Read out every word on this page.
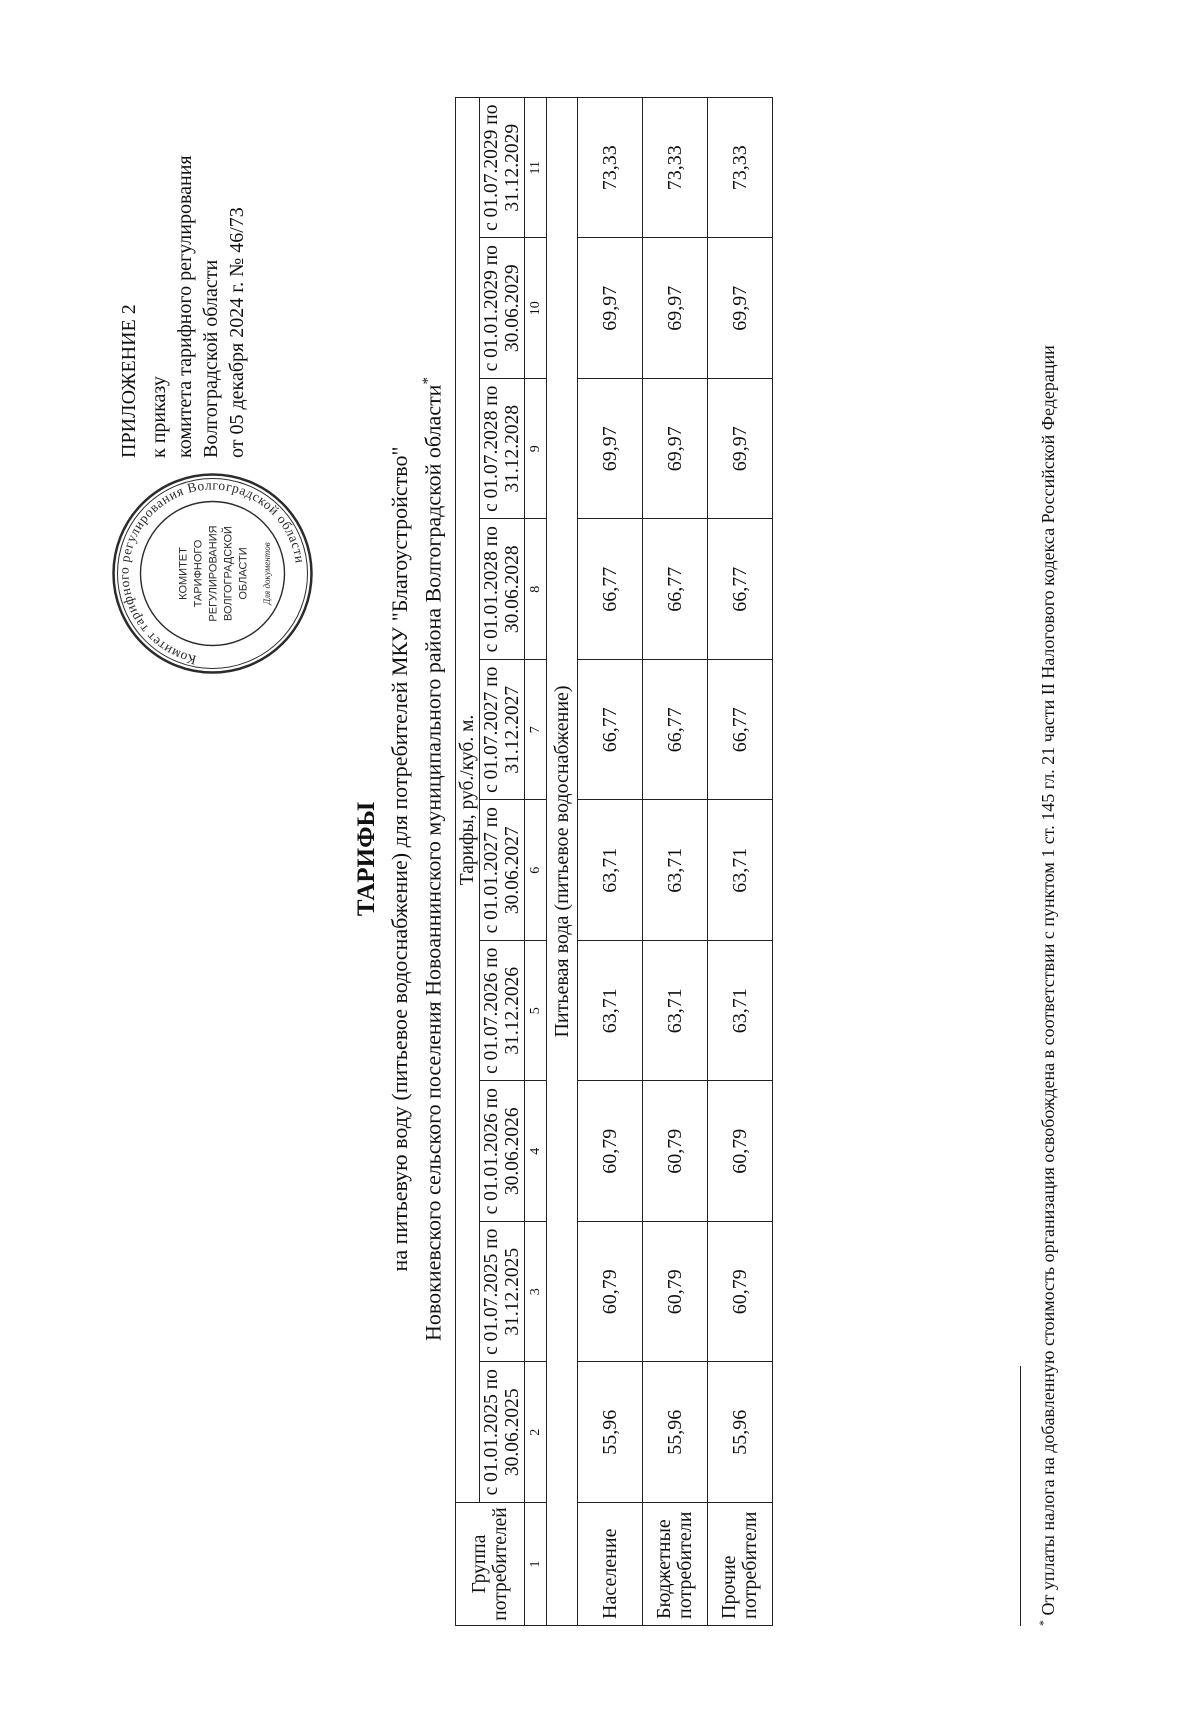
ПРИЛОЖЕНИЕ 2 к приказу комитета тарифного регулирования Волгоградской области от 05 декабря 2024 г. № 46/73
Комитет тарифного регулирования Волгоградской области
КОМИТЕТ ТАРИФНОГО РЕГУЛИРОВАНИЯ ВОЛГОГРАДСКОЙ ОБЛАСТИ Для документов
ТАРИФЫ на питьевую воду (питьевое водоснабжение) для потребителей МКУ "Благоустройство" Новокиевского сельского поселения Новоаннинского муниципального района Волгоградской области*
Группа потребителей	Тарифы, руб./куб. м.									
	с 01.01.2025 по 30.06.2025	с 01.07.2025 по 31.12.2025	с 01.01.2026 по 30.06.2026	с 01.07.2026 по 31.12.2026	с 01.01.2027 по 30.06.2027	с 01.07.2027 по 31.12.2027	с 01.01.2028 по 30.06.2028	с 01.07.2028 по 31.12.2028	с 01.01.2029 по 30.06.2029	с 01.07.2029 по 31.12.2029
1	2	3	4	5	6	7	8	9	10	11
Питьевая вода (питьевое водоснабжение)										
Население	55,96	60,79	60,79	63,71	63,71	66,77	66,77	69,97	69,97	73,33
Бюджетные потребители	55,96	60,79	60,79	63,71	63,71	66,77	66,77	69,97	69,97	73,33
Прочие потребители	55,96	60,79	60,79	63,71	63,71	66,77	66,77	69,97	69,97	73,33
* От уплаты налога на добавленную стоимость организация освобождена в соответствии с пунктом 1 ст. 145 гл. 21 части II Налогового кодекса Российской Федерации
